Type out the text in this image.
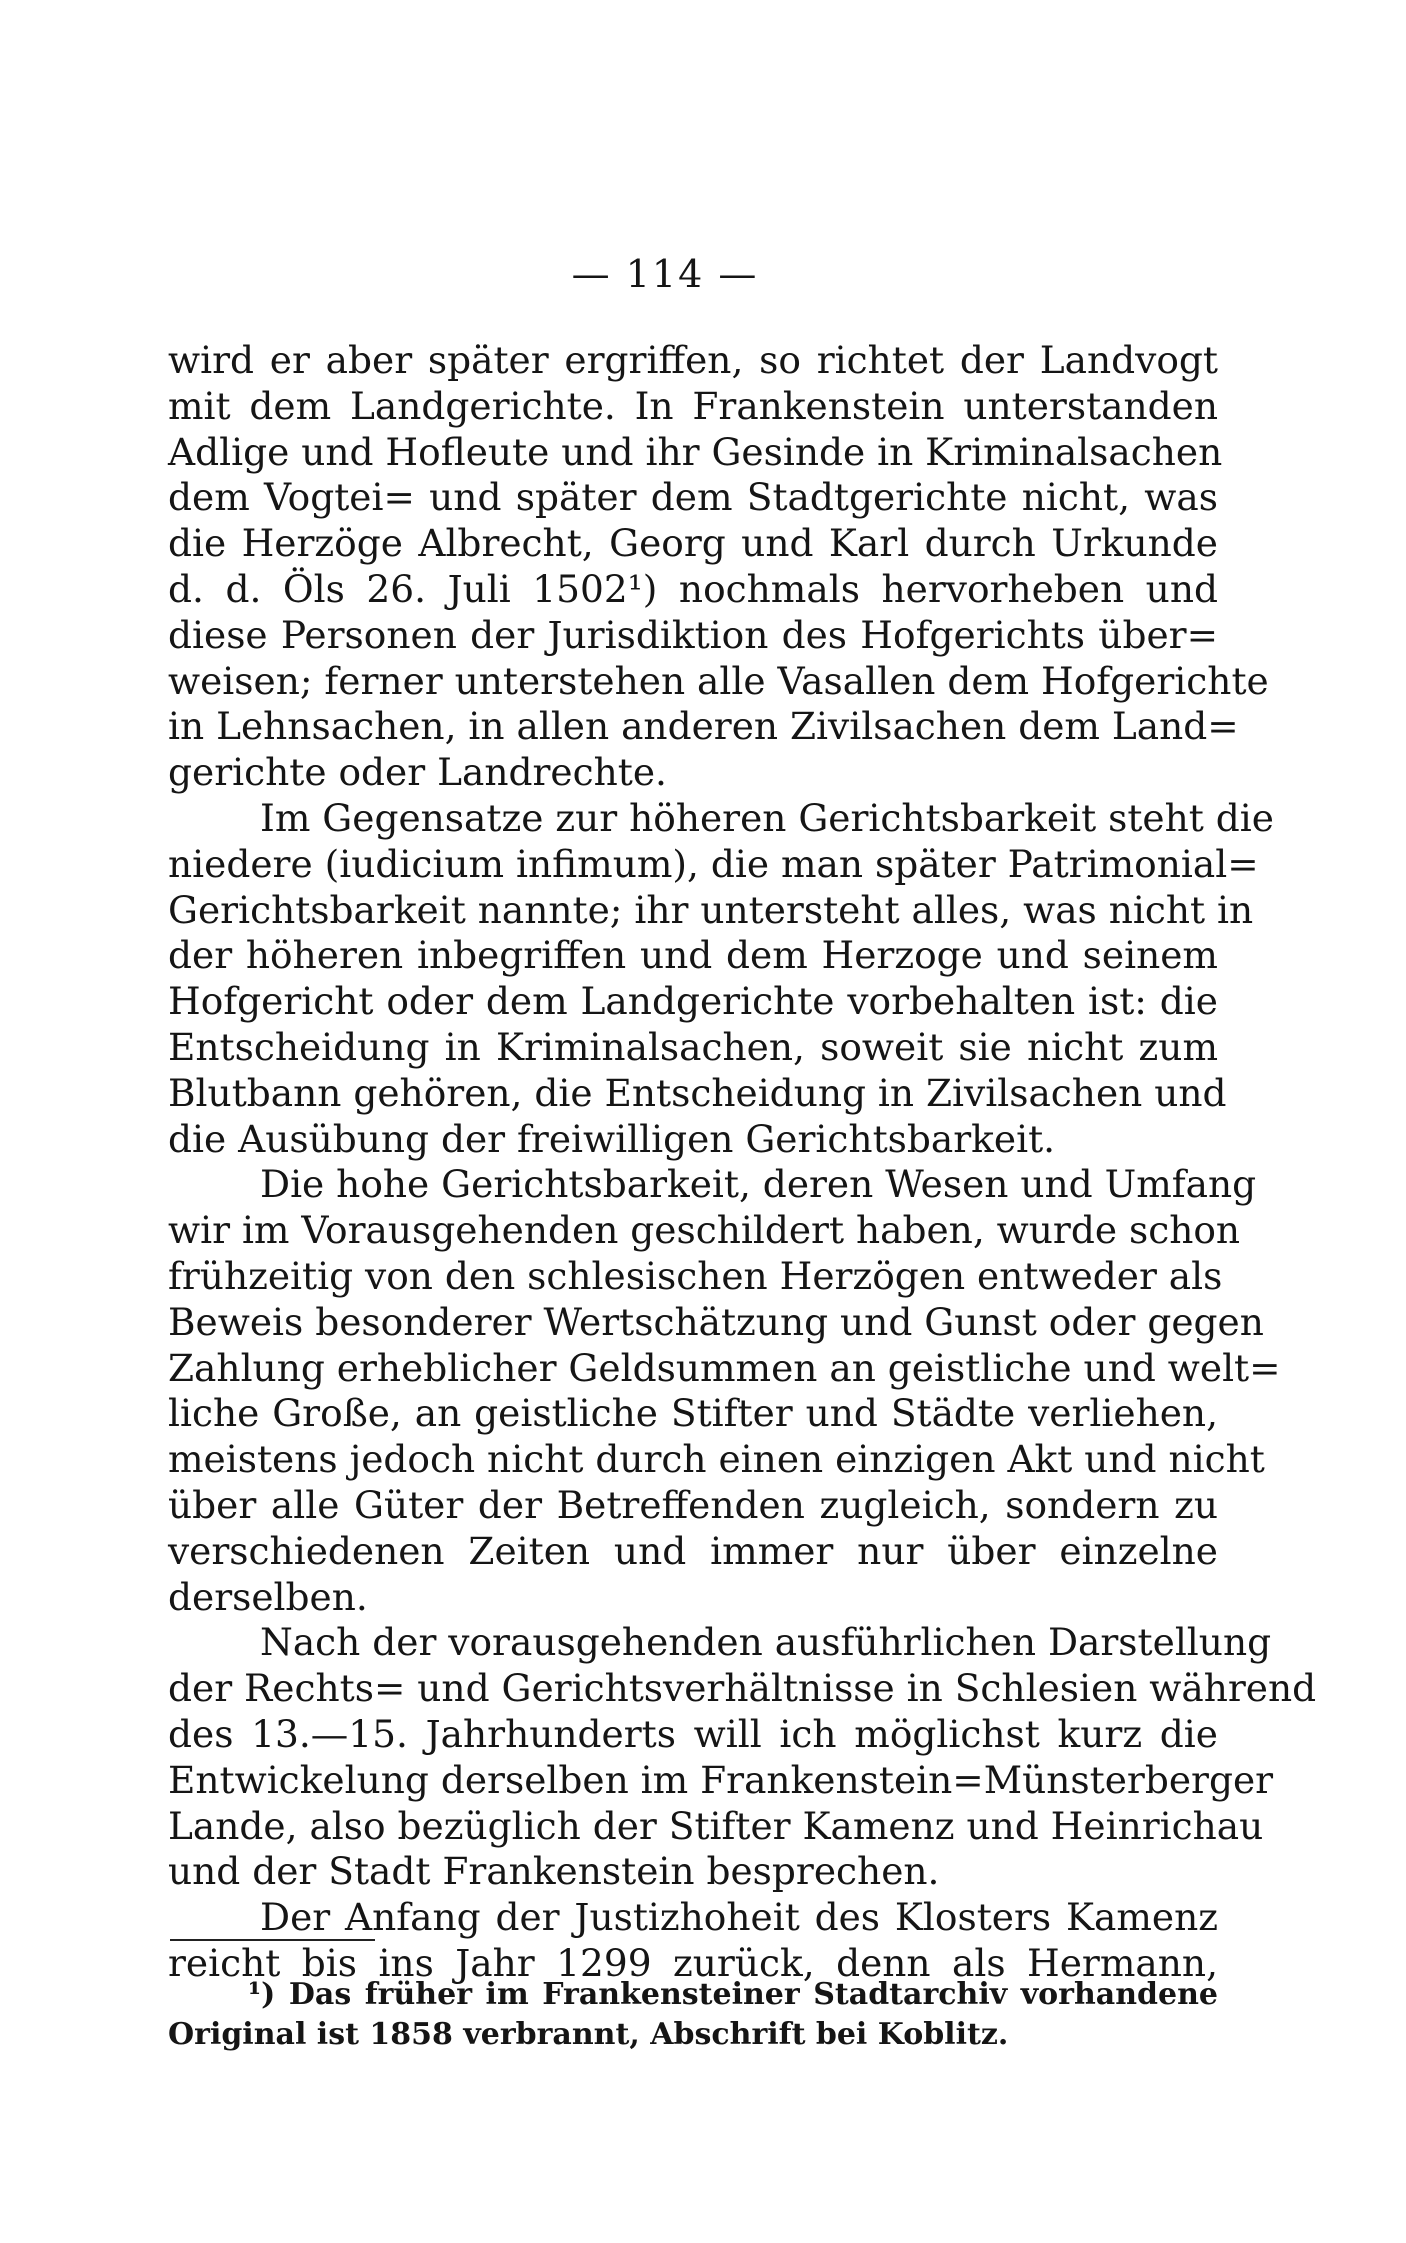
— 114 —
wird er aber später ergriffen, so richtet der Landvogt
mit dem Landgerichte. In Frankenstein unterstanden
Adlige und Hofleute und ihr Gesinde in Kriminalsachen
dem Vogtei= und später dem Stadtgerichte nicht, was
die Herzöge Albrecht, Georg und Karl durch Urkunde
d. d. Öls 26. Juli 1502¹) nochmals hervorheben und
diese Personen der Jurisdiktion des Hofgerichts über=
weisen; ferner unterstehen alle Vasallen dem Hofgerichte
in Lehnsachen, in allen anderen Zivilsachen dem Land=
gerichte oder Landrechte.
Im Gegensatze zur höheren Gerichtsbarkeit steht die
niedere (iudicium infimum), die man später Patrimonial=
Gerichtsbarkeit nannte; ihr untersteht alles, was nicht in
der höheren inbegriffen und dem Herzoge und seinem
Hofgericht oder dem Landgerichte vorbehalten ist: die
Entscheidung in Kriminalsachen, soweit sie nicht zum
Blutbann gehören, die Entscheidung in Zivilsachen und
die Ausübung der freiwilligen Gerichtsbarkeit.
Die hohe Gerichtsbarkeit, deren Wesen und Umfang
wir im Vorausgehenden geschildert haben, wurde schon
frühzeitig von den schlesischen Herzögen entweder als
Beweis besonderer Wertschätzung und Gunst oder gegen
Zahlung erheblicher Geldsummen an geistliche und welt=
liche Große, an geistliche Stifter und Städte verliehen,
meistens jedoch nicht durch einen einzigen Akt und nicht
über alle Güter der Betreffenden zugleich, sondern zu
verschiedenen Zeiten und immer nur über einzelne
derselben.
Nach der vorausgehenden ausführlichen Darstellung
der Rechts= und Gerichtsverhältnisse in Schlesien während
des 13.—15. Jahrhunderts will ich möglichst kurz die
Entwickelung derselben im Frankenstein=Münsterberger
Lande, also bezüglich der Stifter Kamenz und Heinrichau
und der Stadt Frankenstein besprechen.
Der Anfang der Justizhoheit des Klosters Kamenz
reicht bis ins Jahr 1299 zurück, denn als Hermann,
¹) Das früher im Frankensteiner Stadtarchiv vorhandene
Original ist 1858 verbrannt, Abschrift bei Koblitz.
